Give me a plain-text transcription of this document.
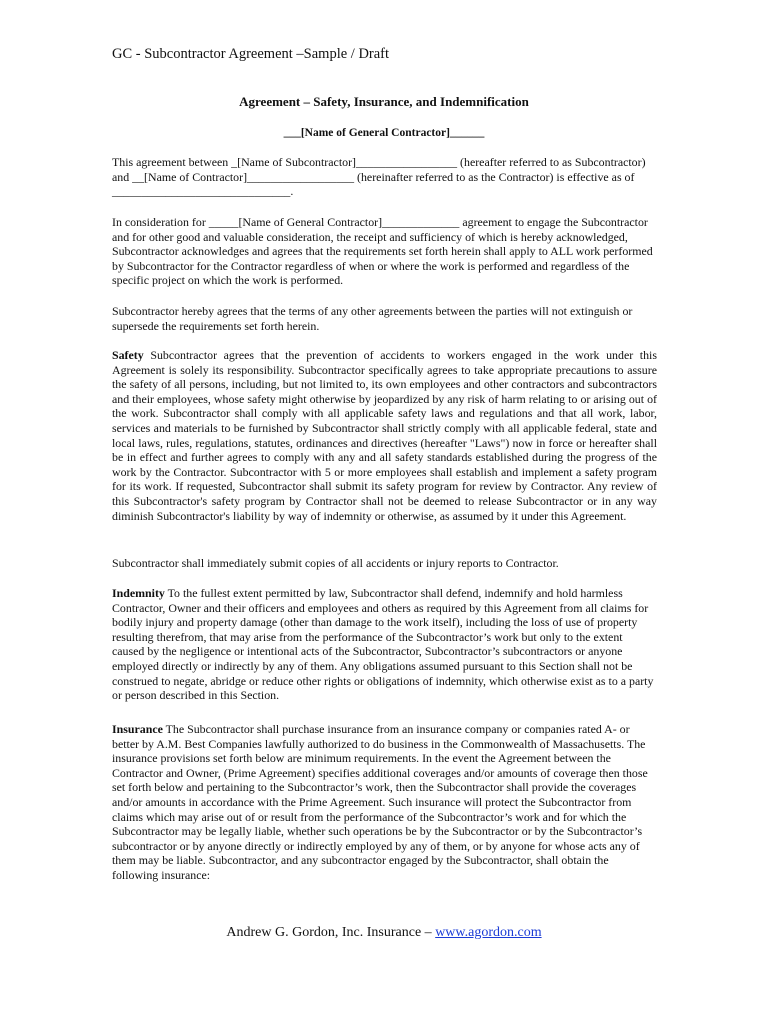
GC - Subcontractor Agreement –Sample / Draft
Agreement – Safety, Insurance, and Indemnification
___[Name of General Contractor]______

This agreement between _[Name of Subcontractor]_________________ (hereafter referred to as Subcontractor) and __[Name of Contractor]__________________ (hereinafter referred to as the Contractor) is effective as of ______________________________.

In consideration for _____[Name of General Contractor]_____________ agreement to engage the Subcontractor and for other good and valuable consideration, the receipt and sufficiency of which is hereby acknowledged, Subcontractor acknowledges and agrees that the requirements set forth herein shall apply to ALL work performed by Subcontractor for the Contractor regardless of when or where the work is performed and regardless of the specific project on which the work is performed.

Subcontractor hereby agrees that the terms of any other agreements between the parties will not extinguish or supersede the requirements set forth herein.

Safety Subcontractor agrees that the prevention of accidents to workers engaged in the work under this Agreement is solely its responsibility. Subcontractor specifically agrees to take appropriate precautions to assure the safety of all persons, including, but not limited to, its own employees and other contractors and subcontractors and their employees, whose safety might otherwise by jeopardized by any risk of harm relating to or arising out of the work. Subcontractor shall comply with all applicable safety laws and regulations and that all work, labor, services and materials to be furnished by Subcontractor shall strictly comply with all applicable federal, state and local laws, rules, regulations, statutes, ordinances and directives (hereafter "Laws") now in force or hereafter shall be in effect and further agrees to comply with any and all safety standards established during the progress of the work by the Contractor. Subcontractor with 5 or more employees shall establish and implement a safety program for its work. If requested, Subcontractor shall submit its safety program for review by Contractor. Any review of this Subcontractor's safety program by Contractor shall not be deemed to release Subcontractor or in any way diminish Subcontractor's liability by way of indemnity or otherwise, as assumed by it under this Agreement.

Subcontractor shall immediately submit copies of all accidents or injury reports to Contractor.

Indemnity To the fullest extent permitted by law, Subcontractor shall defend, indemnify and hold harmless Contractor, Owner and their officers and employees and others as required by this Agreement from all claims for bodily injury and property damage (other than damage to the work itself), including the loss of use of property resulting therefrom, that may arise from the performance of the Subcontractor’s work but only to the extent caused by the negligence or intentional acts of the Subcontractor, Subcontractor’s subcontractors or anyone employed directly or indirectly by any of them. Any obligations assumed pursuant to this Section shall not be construed to negate, abridge or reduce other rights or obligations of indemnity, which otherwise exist as to a party or person described in this Section.

Insurance The Subcontractor shall purchase insurance from an insurance company or companies rated A- or better by A.M. Best Companies lawfully authorized to do business in the Commonwealth of Massachusetts. The insurance provisions set forth below are minimum requirements. In the event the Agreement between the Contractor and Owner, (Prime Agreement) specifies additional coverages and/or amounts of coverage then those set forth below and pertaining to the Subcontractor’s work, then the Subcontractor shall provide the coverages and/or amounts in accordance with the Prime Agreement. Such insurance will protect the Subcontractor from claims which may arise out of or result from the performance of the Subcontractor’s work and for which the Subcontractor may be legally liable, whether such operations be by the Subcontractor or by the Subcontractor’s subcontractor or by anyone directly or indirectly employed by any of them, or by anyone for whose acts any of them may be liable. Subcontractor, and any subcontractor engaged by the Subcontractor, shall obtain the following insurance:

Andrew G. Gordon, Inc. Insurance – www.agordon.com
